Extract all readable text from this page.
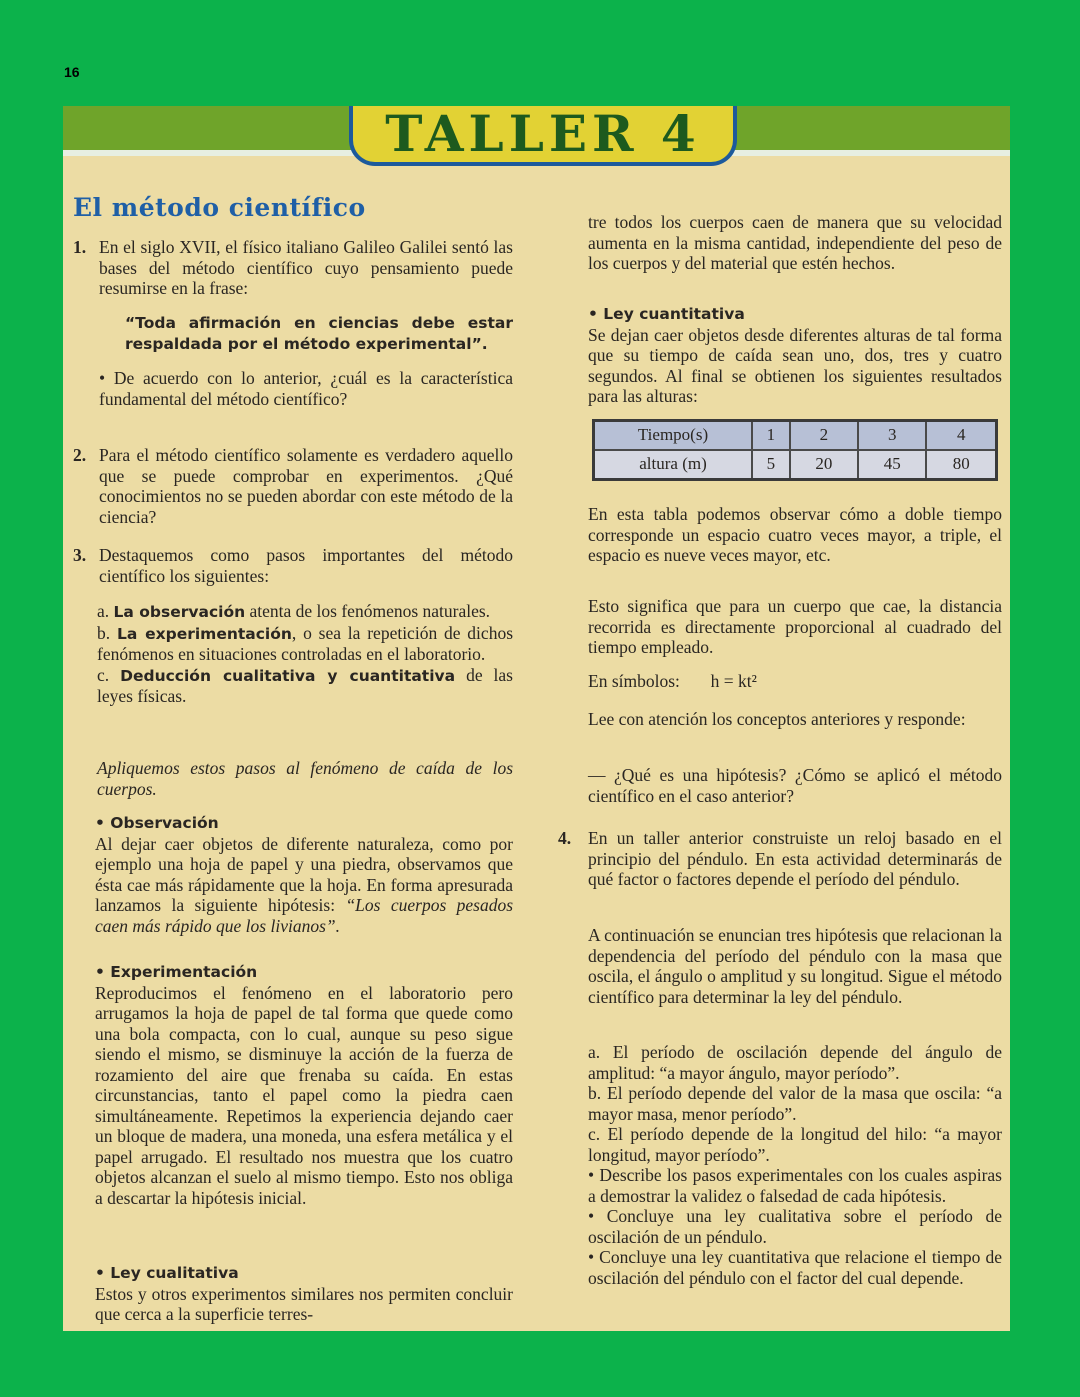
16
TALLER 4
El método científico
1. En el siglo XVII, el físico italiano Galileo Galilei sentó las bases del método científico cuyo pensamiento puede resumirse en la frase:

“Toda afirmación en ciencias debe estar respaldada por el método experimental”.
• De acuerdo con lo anterior, ¿cuál es la característica fundamental del método científico?
2. Para el método científico solamente es verdadero aquello que se puede comprobar en experimentos. ¿Qué conocimientos no se pueden abordar con este método de la ciencia?

3. Destaquemos como pasos importantes del método científico los siguientes:

a. La observación atenta de los fenómenos naturales.

b. La experimentación, o sea la repetición de dichos fenómenos en situaciones controladas en el laboratorio.

c. Deducción cualitativa y cuantitativa de las leyes físicas.

Apliquemos estos pasos al fenómeno de caída de los cuerpos.

• Observación

Al dejar caer objetos de diferente naturaleza, como por ejemplo una hoja de papel y una piedra, observamos que ésta cae más rápidamente que la hoja. En forma apresurada lanzamos la siguiente hipótesis: “Los cuerpos pesados caen más rápido que los livianos”.

• Experimentación

Reproducimos el fenómeno en el laboratorio pero arrugamos la hoja de papel de tal forma que quede como una bola compacta, con lo cual, aunque su peso sigue siendo el mismo, se disminuye la acción de la fuerza de rozamiento del aire que frenaba su caída. En estas circunstancias, tanto el papel como la piedra caen simultáneamente. Repetimos la experiencia dejando caer un bloque de madera, una moneda, una esfera metálica y el papel arrugado. El resultado nos muestra que los cuatro objetos alcanzan el suelo al mismo tiempo. Esto nos obliga a descartar la hipótesis inicial.

• Ley cualitativa

Estos y otros experimentos similares nos permiten concluir que cerca a la superficie terres-

tre todos los cuerpos caen de manera que su velocidad aumenta en la misma cantidad, independiente del peso de los cuerpos y del material que estén hechos.

• Ley cuantitativa

Se dejan caer objetos desde diferentes alturas de tal forma que su tiempo de caída sean uno, dos, tres y cuatro segundos. Al final se obtienen los siguientes resultados para las alturas:

Tiempo(s)	1	2	3	4
altura (m)	5	20	45	80
En esta tabla podemos observar cómo a doble tiempo corresponde un espacio cuatro veces mayor, a triple, el espacio es nueve veces mayor, etc.
Esto significa que para un cuerpo que cae, la distancia recorrida es directamente proporcional al cuadrado del tiempo empleado.
En símbolos: h = kt²
Lee con atención los conceptos anteriores y responde:
— ¿Qué es una hipótesis? ¿Cómo se aplicó el método científico en el caso anterior?
4. En un taller anterior construiste un reloj basado en el principio del péndulo. En esta actividad determinarás de qué factor o factores depende el período del péndulo.

A continuación se enuncian tres hipótesis que relacionan la dependencia del período del péndulo con la masa que oscila, el ángulo o amplitud y su longitud. Sigue el método científico para determinar la ley del péndulo.

a. El período de oscilación depende del ángulo de amplitud: “a mayor ángulo, mayor período”.

b. El período depende del valor de la masa que oscila: “a mayor masa, menor período”.

c. El período depende de la longitud del hilo: “a mayor longitud, mayor período”.

• Describe los pasos experimentales con los cuales aspiras a demostrar la validez o falsedad de cada hipótesis.

• Concluye una ley cualitativa sobre el período de oscilación de un péndulo.

• Concluye una ley cuantitativa que relacione el tiempo de oscilación del péndulo con el factor del cual depende.
